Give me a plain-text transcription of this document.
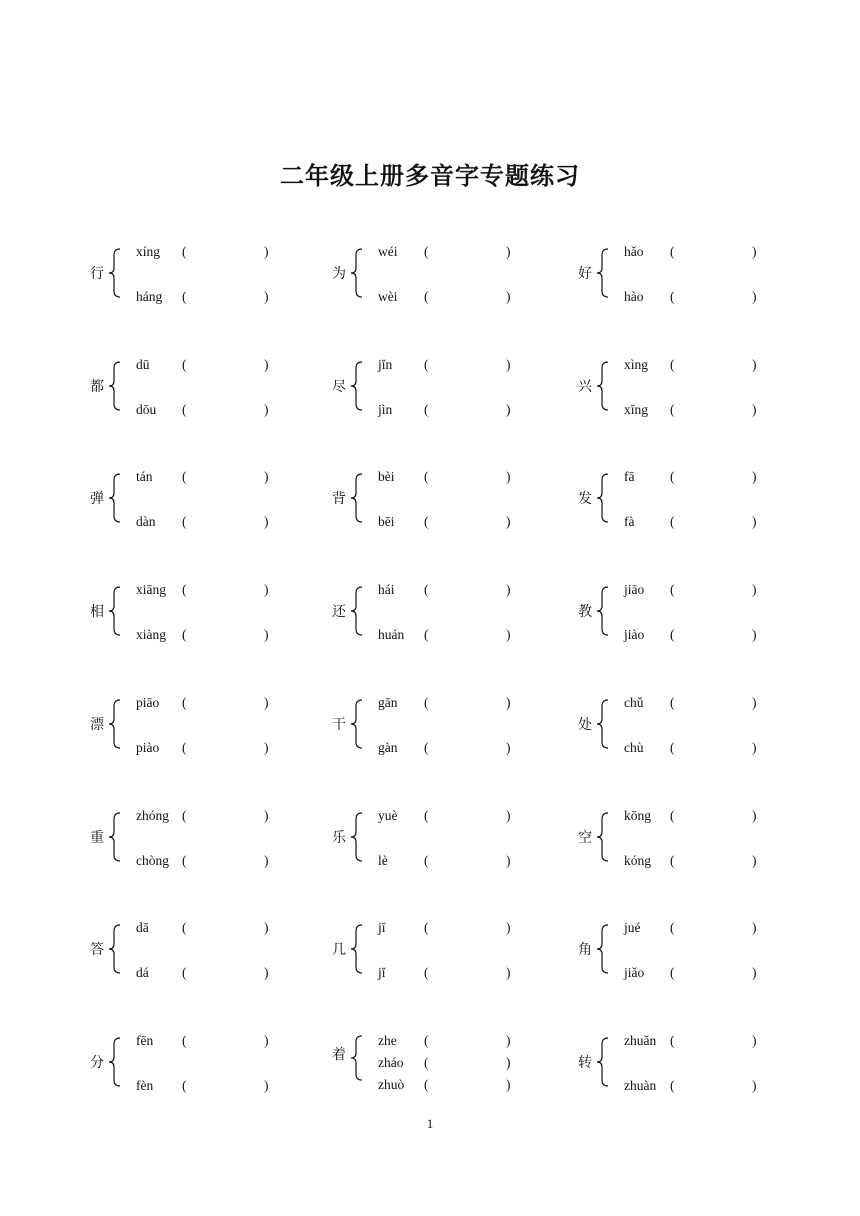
二年级上册多音字专题练习
行
xíng (	)
háng (	)
为
wéi (	)
wèi (	)
好
hǎo (	)
hào (	)
都
dū (	)
dōu (	)
尽
jǐn (	)
jìn (	)
兴
xìng (	)
xīng (	)
弹
tán (	)
dàn (	)
背
bèi (	)
bēi (	)
发
fā	(	)
fà	(	)
相
xiāng (	)
xiàng (	)
还
hái (	)
huán (	)
教
jiāo (	)
jiào (	)
漂
piāo (	)
piào (	)
干
gān (	)
gàn (	)
处
chǔ (	)
chù (	)
重
zhóng (	)
chòng (	)
乐
yuè (	)
lè	(	)
空
kōng (	)
kóng (	)
答
dā (	)
dá (	)
几
jī	(	)
jǐ	(	)
角
jué (	)
jiǎo (	)
分
fēn (	)
fèn (	)
着
zhe (	)
zháo (	)
zhuò (	)
转
zhuǎn (	)
zhuàn (	)
1
